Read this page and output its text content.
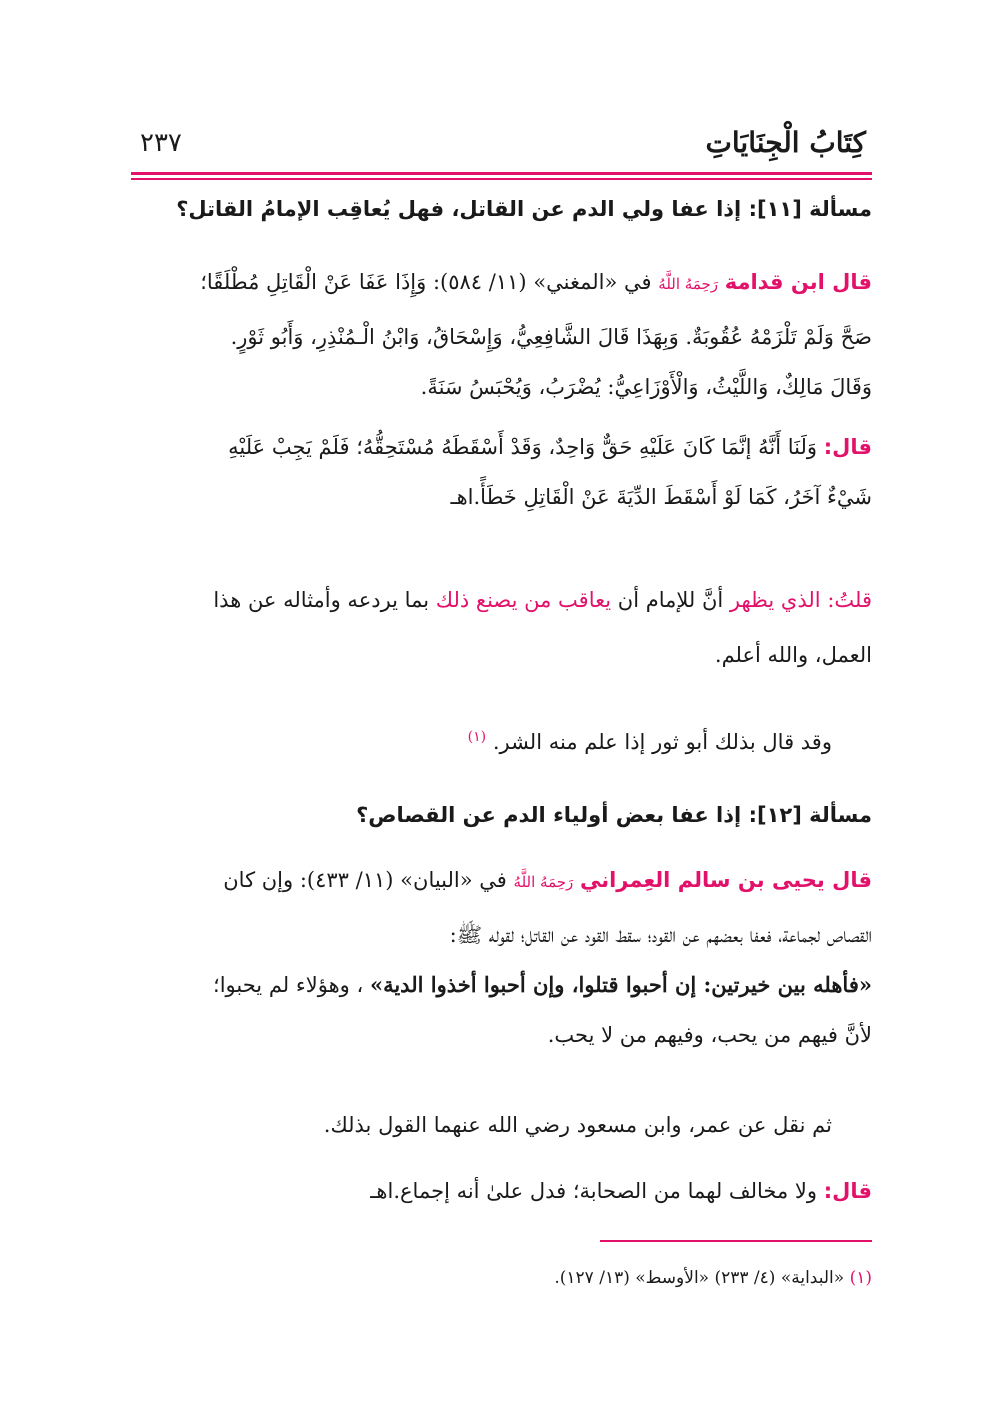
كِتَابُ الْجِنَايَاتِ
٢٣٧
مسألة [١١]: إذا عفا ولي الدم عن القاتل، فهل يُعاقِب الإمامُ القاتل؟
قال ابن قدامة رَحِمَهُ اللَّهُ في «المغني» (١١/ ٥٨٤): وَإِذَا عَفَا عَنْ الْقَاتِلِ مُطْلَقًا؛
صَحَّ وَلَمْ تَلْزَمْهُ عُقُوبَةٌ. وَبِهَذَا قَالَ الشَّافِعِيُّ، وَإِسْحَاقُ، وَابْنُ الْـمُنْذِرِ، وَأَبُو ثَوْرٍ.
وَقَالَ مَالِكٌ، وَاللَّيْثُ، وَالْأَوْزَاعِيُّ: يُضْرَبُ، وَيُحْبَسُ سَنَةً.
قال: وَلَنَا أَنَّهُ إنَّمَا كَانَ عَلَيْهِ حَقٌّ وَاحِدٌ، وَقَدْ أَسْقَطَهُ مُسْتَحِقُّهُ؛ فَلَمْ يَجِبْ عَلَيْهِ
شَيْءٌ آخَرُ، كَمَا لَوْ أَسْقَطَ الدِّيَةَ عَنْ الْقَاتِلِ خَطَأً.اهـ
قلتُ: الذي يظهر أنَّ للإمام أن يعاقب من يصنع ذلك بما يردعه وأمثاله عن هذا
العمل، والله أعلم.
وقد قال بذلك أبو ثور إذا علم منه الشر. $^{(١)}$
مسألة [١٢]: إذا عفا بعض أولياء الدم عن القصاص؟
قال يحيى بن سالم العِمراني رَحِمَهُ اللَّهُ في «البيان» (١١/ ٤٣٣): وإن كان
القصاص لجماعة، فعفا بعضهم عن القود؛ سقط القود عن القاتل؛ لقوله ﷺ:
«فأهله بين خيرتين: إن أحبوا قتلوا، وإن أحبوا أخذوا الدية» ، وهؤلاء لم يحبوا؛
لأنَّ فيهم من يحب، وفيهم من لا يحب.
ثم نقل عن عمر، وابن مسعود رضي الله عنهما القول بذلك.
قال: ولا مخالف لهما من الصحابة؛ فدل علىٰ أنه إجماع.اهـ
(١) «البداية» (٤/ ٢٣٣) «الأوسط» (١٣/ ١٢٧).
